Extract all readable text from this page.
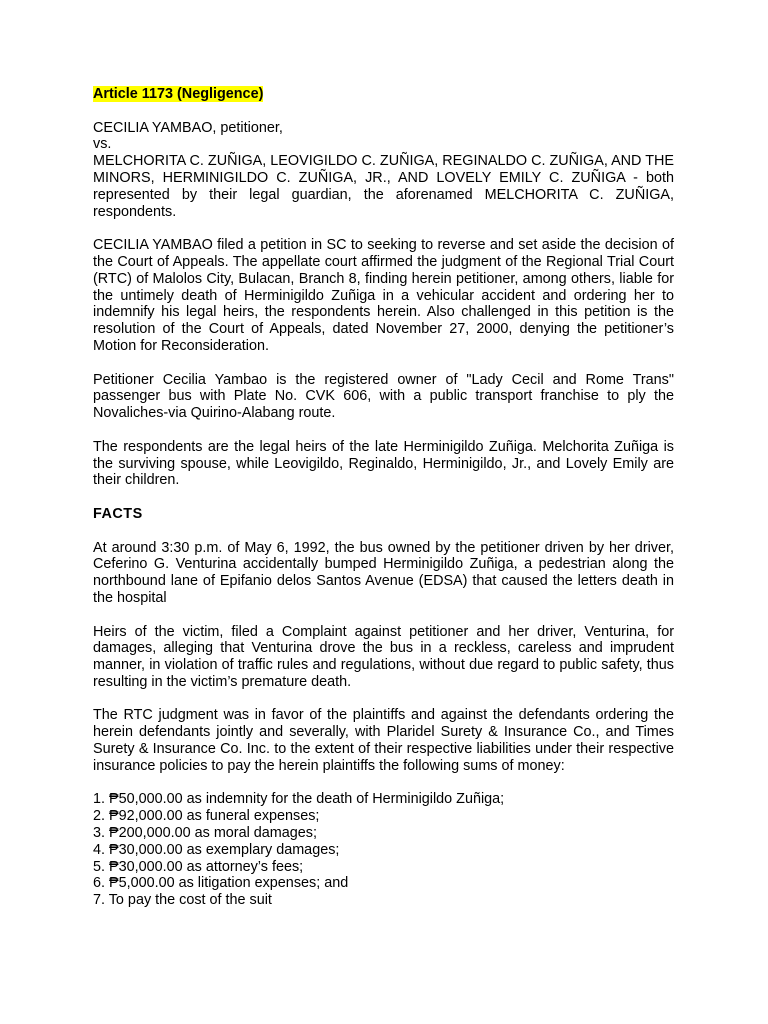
Article 1173 (Negligence)

CECILIA YAMBAO, petitioner,
vs.
MELCHORITA C. ZUÑIGA, LEOVIGILDO C. ZUÑIGA, REGINALDO C. ZUÑIGA, AND THE MINORS, HERMINIGILDO C. ZUÑIGA, JR., AND LOVELY EMILY C. ZUÑIGA - both represented by their legal guardian, the aforenamed MELCHORITA C. ZUÑIGA, respondents.

CECILIA YAMBAO filed a petition in SC to seeking to reverse and set aside the decision of the Court of Appeals. The appellate court affirmed the judgment of the Regional Trial Court (RTC) of Malolos City, Bulacan, Branch 8, finding herein petitioner, among others, liable for the untimely death of Herminigildo Zuñiga in a vehicular accident and ordering her to indemnify his legal heirs, the respondents herein. Also challenged in this petition is the resolution of the Court of Appeals, dated November 27, 2000, denying the petitioner’s Motion for Reconsideration.

Petitioner Cecilia Yambao is the registered owner of "Lady Cecil and Rome Trans" passenger bus with Plate No. CVK 606, with a public transport franchise to ply the Novaliches-via Quirino-Alabang route.

The respondents are the legal heirs of the late Herminigildo Zuñiga. Melchorita Zuñiga is the surviving spouse, while Leovigildo, Reginaldo, Herminigildo, Jr., and Lovely Emily are their children.

FACTS

At around 3:30 p.m. of May 6, 1992, the bus owned by the petitioner driven by her driver, Ceferino G. Venturina accidentally bumped Herminigildo Zuñiga, a pedestrian along the northbound lane of Epifanio delos Santos Avenue (EDSA) that caused the letters death in the hospital

Heirs of the victim, filed a Complaint against petitioner and her driver, Venturina, for damages, alleging that Venturina drove the bus in a reckless, careless and imprudent manner, in violation of traffic rules and regulations, without due regard to public safety, thus resulting in the victim’s premature death.

The RTC judgment was in favor of the plaintiffs and against the defendants ordering the herein defendants jointly and severally, with Plaridel Surety & Insurance Co., and Times Surety & Insurance Co. Inc. to the extent of their respective liabilities under their respective insurance policies to pay the herein plaintiffs the following sums of money:

1. ₱50,000.00 as indemnity for the death of Herminigildo Zuñiga;
2. ₱92,000.00 as funeral expenses;
3. ₱200,000.00 as moral damages;
4. ₱30,000.00 as exemplary damages;
5. ₱30,000.00 as attorney’s fees;
6. ₱5,000.00 as litigation expenses; and
7. To pay the cost of the suit
